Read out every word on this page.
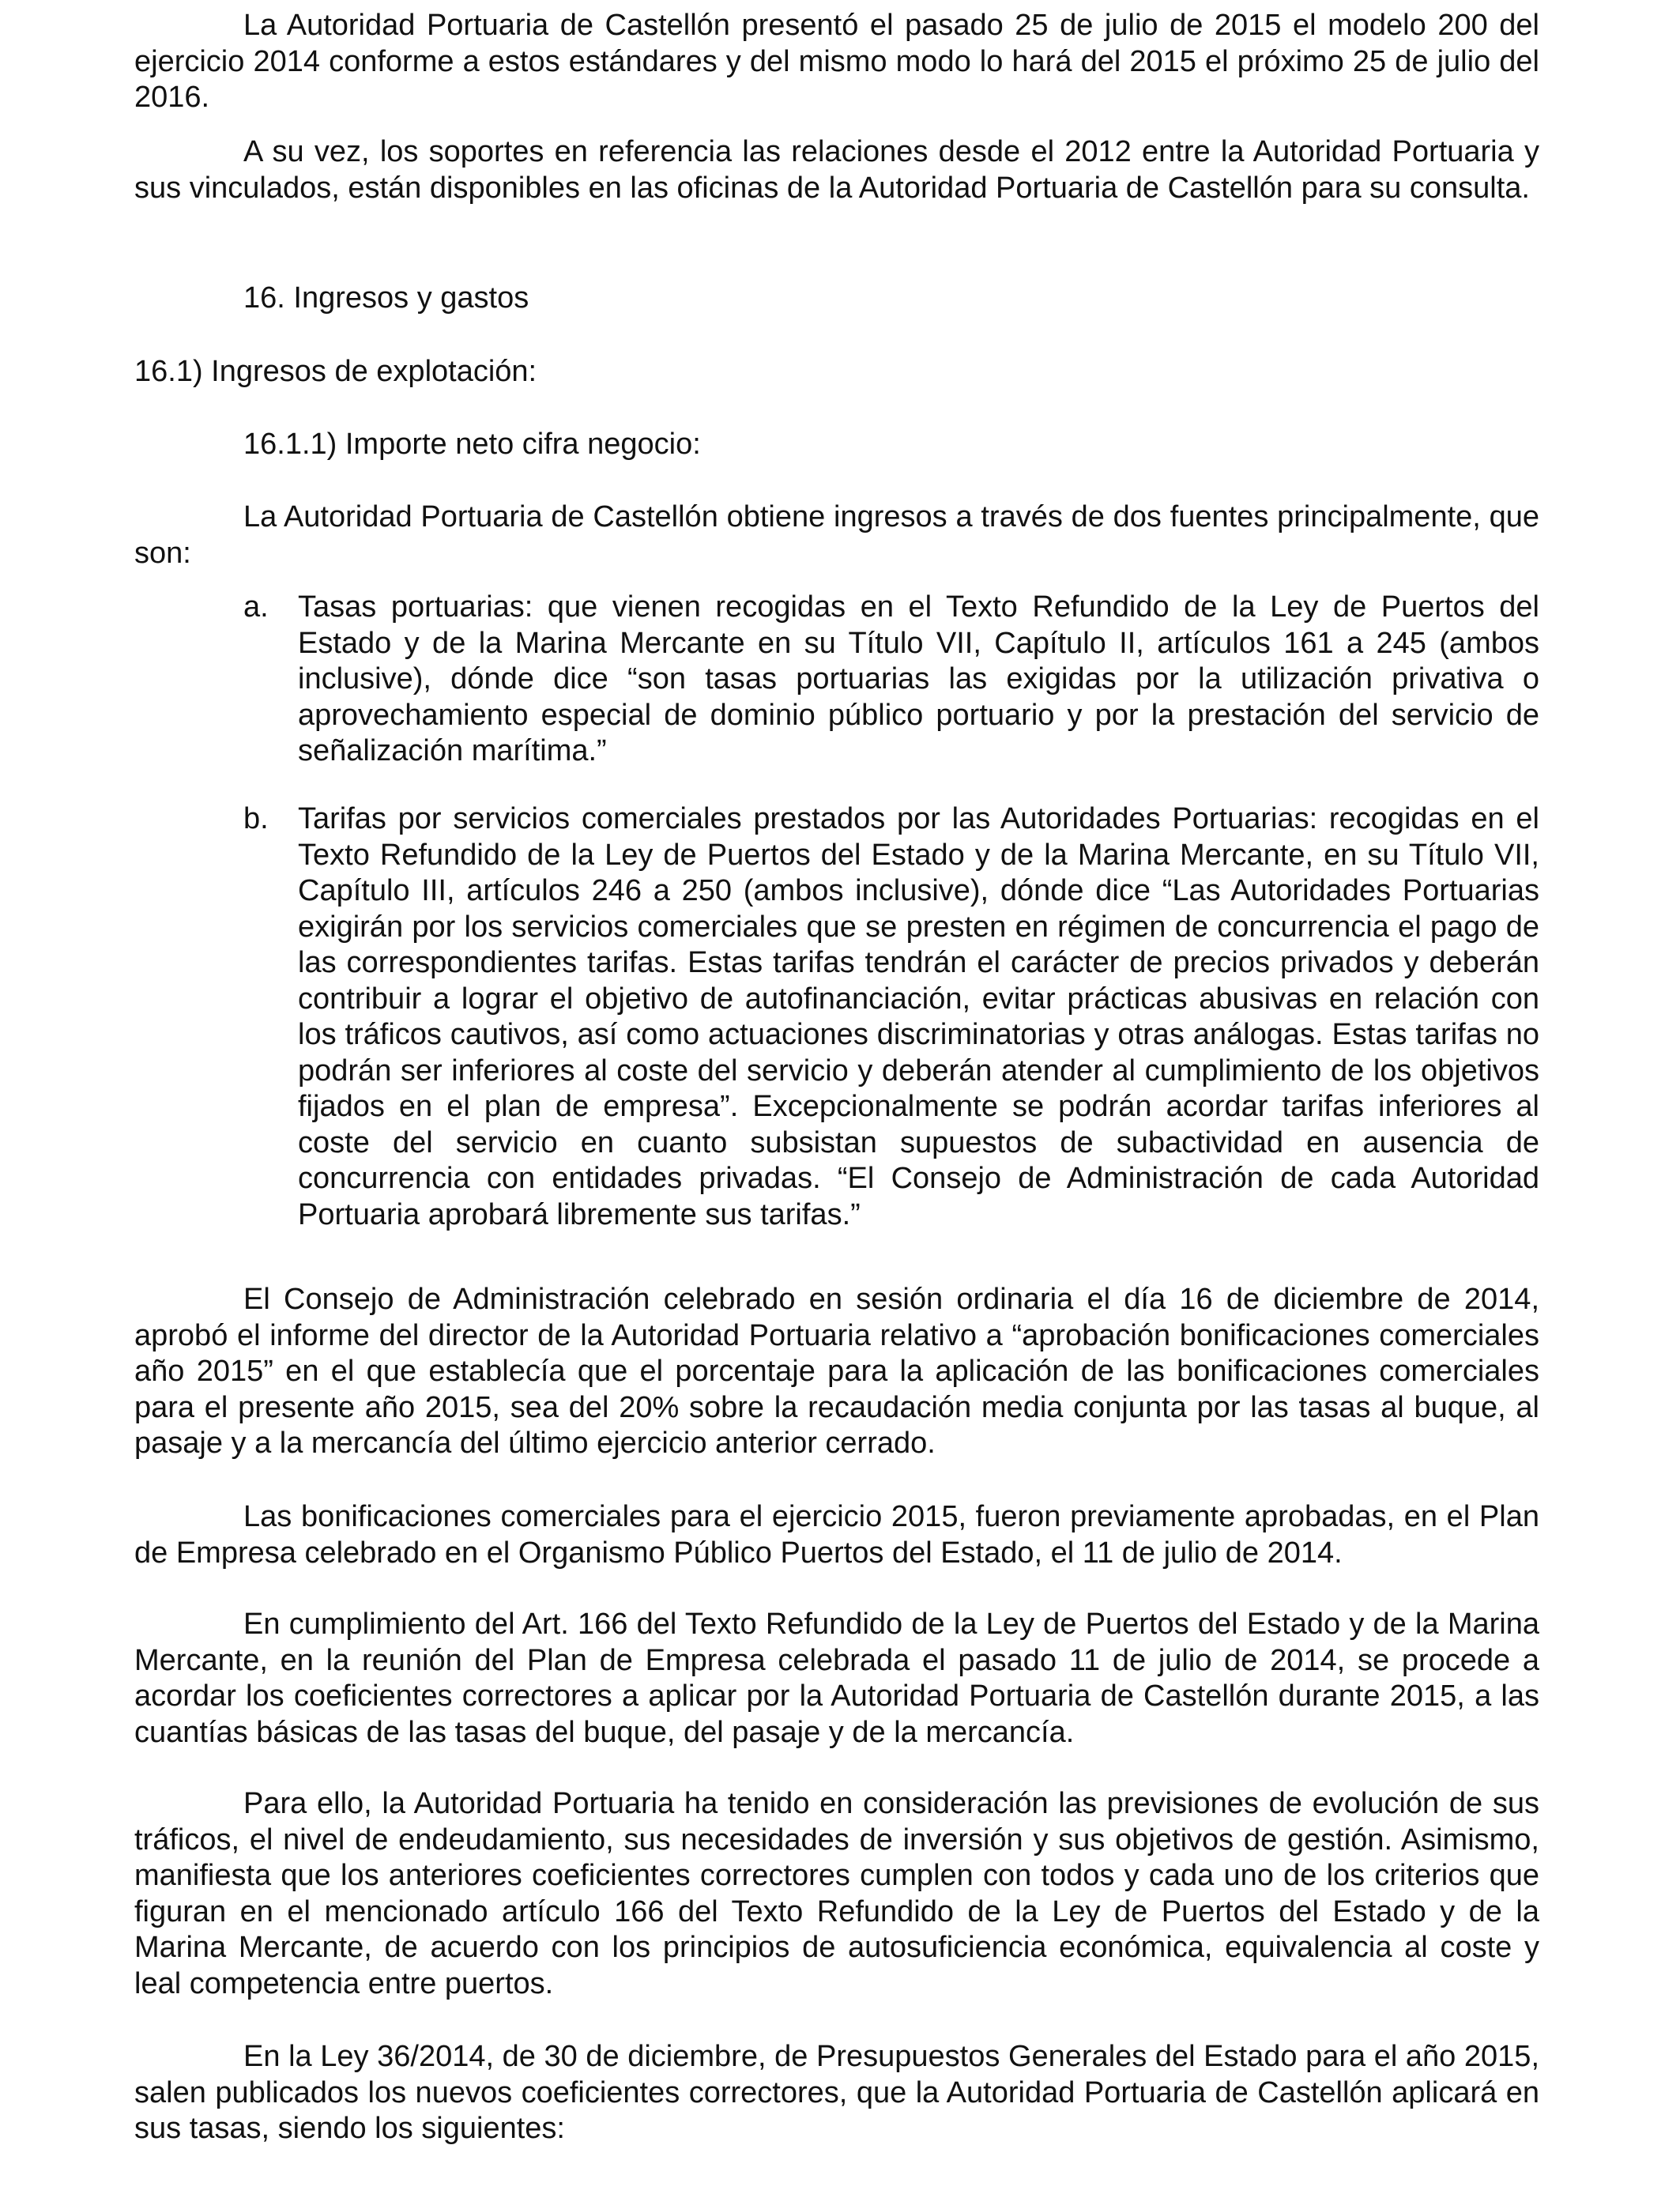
La Autoridad Portuaria de Castellón presentó el pasado 25 de julio de 2015 el modelo 200 del ejercicio 2014 conforme a estos estándares y del mismo modo lo hará del 2015 el próximo 25 de julio del 2016.

A su vez, los soportes en referencia las relaciones desde el 2012 entre la Autoridad Portuaria y sus vinculados, están disponibles en las oficinas de la Autoridad Portuaria de Castellón para su consulta.

16. Ingresos y gastos

16.1) Ingresos de explotación:

16.1.1) Importe neto cifra negocio:

La Autoridad Portuaria de Castellón obtiene ingresos a través de dos fuentes principalmente, que son:

a. Tasas portuarias: que vienen recogidas en el Texto Refundido de la Ley de Puertos del Estado y de la Marina Mercante en su Título VII, Capítulo II, artículos 161 a 245 (ambos inclusive), dónde dice “son tasas portuarias las exigidas por la utilización privativa o aprovechamiento especial de dominio público portuario y por la prestación del servicio de señalización marítima.”
b. Tarifas por servicios comerciales prestados por las Autoridades Portuarias: recogidas en el Texto Refundido de la Ley de Puertos del Estado y de la Marina Mercante, en su Título VII, Capítulo III, artículos 246 a 250 (ambos inclusive), dónde dice “Las Autoridades Portuarias exigirán por los servicios comerciales que se presten en régimen de concurrencia el pago de las correspondientes tarifas. Estas tarifas tendrán el carácter de precios privados y deberán contribuir a lograr el objetivo de autofinanciación, evitar prácticas abusivas en relación con los tráficos cautivos, así como actuaciones discriminatorias y otras análogas. Estas tarifas no podrán ser inferiores al coste del servicio y deberán atender al cumplimiento de los objetivos fijados en el plan de empresa”. Excepcionalmente se podrán acordar tarifas inferiores al coste del servicio en cuanto subsistan supuestos de subactividad en ausencia de concurrencia con entidades privadas. “El Consejo de Administración de cada Autoridad Portuaria aprobará libremente sus tarifas.”

El Consejo de Administración celebrado en sesión ordinaria el día 16 de diciembre de 2014, aprobó el informe del director de la Autoridad Portuaria relativo a “aprobación bonificaciones comerciales año 2015” en el que establecía que el porcentaje para la aplicación de las bonificaciones comerciales para el presente año 2015, sea del 20% sobre la recaudación media conjunta por las tasas al buque, al pasaje y a la mercancía del último ejercicio anterior cerrado.

Las bonificaciones comerciales para el ejercicio 2015, fueron previamente aprobadas, en el Plan de Empresa celebrado en el Organismo Público Puertos del Estado, el 11 de julio de 2014.

En cumplimiento del Art. 166 del Texto Refundido de la Ley de Puertos del Estado y de la Marina Mercante, en la reunión del Plan de Empresa celebrada el pasado 11 de julio de 2014, se procede a acordar los coeficientes correctores a aplicar por la Autoridad Portuaria de Castellón durante 2015, a las cuantías básicas de las tasas del buque, del pasaje y de la mercancía.

Para ello, la Autoridad Portuaria ha tenido en consideración las previsiones de evolución de sus tráficos, el nivel de endeudamiento, sus necesidades de inversión y sus objetivos de gestión. Asimismo, manifiesta que los anteriores coeficientes correctores cumplen con todos y cada uno de los criterios que figuran en el mencionado artículo 166 del Texto Refundido de la Ley de Puertos del Estado y de la Marina Mercante, de acuerdo con los principios de autosuficiencia económica, equivalencia al coste y leal competencia entre puertos.

En la Ley 36/2014, de 30 de diciembre, de Presupuestos Generales del Estado para el año 2015, salen publicados los nuevos coeficientes correctores, que la Autoridad Portuaria de Castellón aplicará en sus tasas, siendo los siguientes:
